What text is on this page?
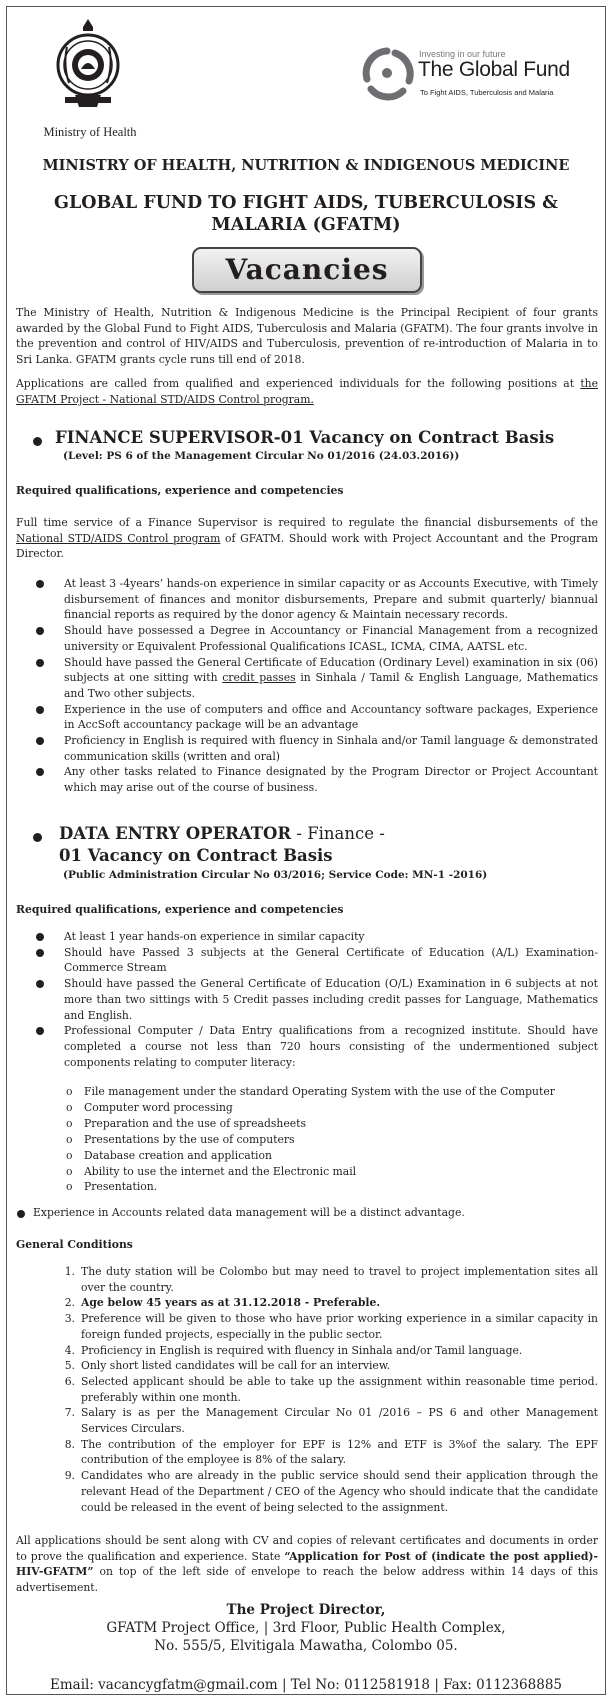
Ministry of Health
Investing in our future
The Global Fund
To Fight AIDS, Tuberculosis and Malaria
MINISTRY OF HEALTH, NUTRITION & INDIGENOUS MEDICINE
GLOBAL FUND TO FIGHT AIDS, TUBERCULOSIS &
MALARIA (GFATM)
Vacancies
The Ministry of Health, Nutrition & Indigenous Medicine is the Principal Recipient of four grants awarded by the Global Fund to Fight AIDS, Tuberculosis and Malaria (GFATM). The four grants involve in the prevention and control of HIV/AIDS and Tuberculosis, prevention of re-introduction of Malaria in to Sri Lanka. GFATM grants cycle runs till end of 2018.
Applications are called from qualified and experienced individuals for the following positions at the GFATM Project - National STD/AIDS Control program.
FINANCE SUPERVISOR-01 Vacancy on Contract Basis
(Level: PS 6 of the Management Circular No 01/2016 (24.03.2016))
Required qualifications, experience and competencies
Full time service of a Finance Supervisor is required to regulate the financial disbursements of the National STD/AIDS Control program of GFATM. Should work with Project Accountant and the Program Director.
At least 3 -4years’ hands-on experience in similar capacity or as Accounts Executive, with Timely disbursement of finances and monitor disbursements, Prepare and submit quarterly/ biannual financial reports as required by the donor agency & Maintain necessary records.
Should have possessed a Degree in Accountancy or Financial Management from a recognized university or Equivalent Professional Qualifications ICASL, ICMA, CIMA, AATSL etc.
Should have passed the General Certificate of Education (Ordinary Level) examination in six (06) subjects at one sitting with credit passes in Sinhala / Tamil & English Language, Mathematics and Two other subjects.
Experience in the use of computers and office and Accountancy software packages, Experience in AccSoft accountancy package will be an advantage
Proficiency in English is required with fluency in Sinhala and/or Tamil language & demonstrated communication skills (written and oral)
Any other tasks related to Finance designated by the Program Director or Project Accountant which may arise out of the course of business.
DATA ENTRY OPERATOR - Finance -
01 Vacancy on Contract Basis
(Public Administration Circular No 03/2016; Service Code: MN-1 -2016)
Required qualifications, experience and competencies
At least 1 year hands-on experience in similar capacity
Should have Passed 3 subjects at the General Certificate of Education (A/L) Examination-Commerce Stream
Should have passed the General Certificate of Education (O/L) Examination in 6 subjects at not more than two sittings with 5 Credit passes including credit passes for Language, Mathematics and English.
Professional Computer / Data Entry qualifications from a recognized institute. Should have completed a course not less than 720 hours consisting of the undermentioned subject components relating to computer literacy:
o File management under the standard Operating System with the use of the Computer
o Computer word processing
o Preparation and the use of spreadsheets
o Presentations by the use of computers
o Database creation and application
o Ability to use the internet and the Electronic mail
o Presentation.
Experience in Accounts related data management will be a distinct advantage.
General Conditions
1. The duty station will be Colombo but may need to travel to project implementation sites all over the country.
2. Age below 45 years as at 31.12.2018 - Preferable.
3. Preference will be given to those who have prior working experience in a similar capacity in foreign funded projects, especially in the public sector.
4. Proficiency in English is required with fluency in Sinhala and/or Tamil language.
5. Only short listed candidates will be call for an interview.
6. Selected applicant should be able to take up the assignment within reasonable time period. preferably within one month.
7. Salary is as per the Management Circular No 01 /2016 – PS 6 and other Management Services Circulars.
8. The contribution of the employer for EPF is 12% and ETF is 3%of the salary. The EPF contribution of the employee is 8% of the salary.
9. Candidates who are already in the public service should send their application through the relevant Head of the Department / CEO of the Agency who should indicate that the candidate could be released in the event of being selected to the assignment.
All applications should be sent along with CV and copies of relevant certificates and documents in order to prove the qualification and experience. State “Application for Post of (indicate the post applied)-HIV-GFATM” on top of the left side of envelope to reach the below address within 14 days of this advertisement.
The Project Director,
GFATM Project Office, | 3rd Floor, Public Health Complex,
No. 555/5, Elvitigala Mawatha, Colombo 05.
Email: vacancygfatm@gmail.com | Tel No: 0112581918 | Fax: 0112368885
